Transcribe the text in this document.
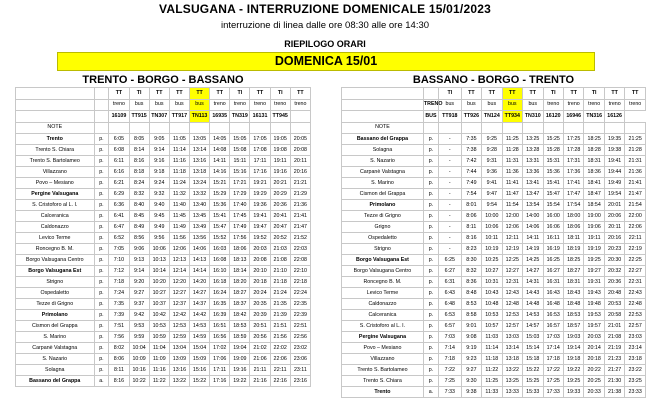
VALSUGANA - INTERRUZIONE DOMENICALE 15/01/2023
interruzione di linea dalle ore 08:30 alle ore 14:30
RIEPILOGO ORARI
DOMENICA 15/01
TRENTO - BORGO - BASSANO
		TT	TI	TT	TT	TT	TT	TI	TT	TI	TT
		treno	bus	bus	bus	bus	treno	treno	treno	treno	treno
		16109	TT915	TN307	TT917	TN113	16935	TN319	16131	TT945	
NOTE											
Trento	p.	6:05	8:05	9:05	11:05	13:05	14:05	15:05	17:05	19:05	20:05
Trento S. Chiara	p.	6:08	8:14	9:14	11:14	13:14	14:08	15:08	17:08	19:08	20:08
Trento S. Bartolameo	p.	6:11	8:16	9:16	11:16	13:16	14:11	15:11	17:11	19:11	20:11
Villazzano	p.	6:16	8:18	9:18	11:18	13:18	14:16	15:16	17:16	19:16	20:16
Povo – Mesiano	p.	6:21	8:24	9:24	11:24	13:24	15:21	17:21	19:21	20:21	21:21
Pergine Valsugana	p.	6:29	8:32	9:32	11:32	13:32	15:29	17:29	19:29	20:29	21:29
S. Cristoforo al L. I.	p.	6:36	8:40	9:40	11:40	13:40	15:36	17:40	19:36	20:36	21:36
Calceranica	p.	6:41	8:45	9:45	11:45	13:45	15:41	17:45	19:41	20:41	21:41
Caldonazzo	p.	6:47	8:49	9:49	11:49	13:49	15:47	17:49	19:47	20:47	21:47
Levico Terme	p.	6:52	8:56	9:56	11:56	13:56	15:52	17:56	19:52	20:52	21:52
Roncegno B. M.	p.	7:05	9:06	10:06	12:06	14:06	16:03	18:06	20:03	21:03	22:03
Borgo Valsugana Centro	p.	7:10	9:13	10:13	12:13	14:13	16:08	18:13	20:08	21:08	22:08
Borgo Valsugana Est	p.	7:12	9:14	10:14	12:14	14:14	16:10	18:14	20:10	21:10	22:10
Strigno	p.	7:18	9:20	10:20	12:20	14:20	16:18	18:20	20:18	21:18	22:18
Ospedaletto	p.	7:24	9:27	10:27	12:27	14:27	16:24	18:27	20:24	21:24	22:24
Tezze di Grigno	p.	7:35	9:37	10:37	12:37	14:37	16:35	18:37	20:35	21:35	22:35
Primolano	p.	7:39	9:42	10:42	12:42	14:42	16:39	18:42	20:39	21:39	22:39
Cismon del Grappa	p.	7:51	9:53	10:53	12:53	14:53	16:51	18:53	20:51	21:51	22:51
S. Marino	p.	7:56	9:59	10:59	12:59	14:59	16:56	18:59	20:56	21:56	22:56
Carpanè Valstagna	p.	8:02	10:04	11:04	13:04	15:04	17:02	19:04	21:02	22:02	23:02
S. Nazario	p.	8:06	10:09	11:09	13:09	15:09	17:06	19:09	21:06	22:06	23:06
Solagna	p.	8:11	10:16	11:16	13:16	15:16	17:11	19:16	21:11	22:11	23:11
Bassano del Grappa	a.	8:16	10:22	11:22	13:22	15:22	17:16	19:22	21:16	22:16	23:16
BASSANO - BORGO - TRENTO
		TI	TT	TT	TT	TT	TI	TT	TI	TT	TT
	TRENO	bus	bus	bus	bus	bus	treno	treno	treno	treno	treno
	BUS	TT918	TT926	TN124	TT934	TN310	16120	16946	TN316	16126	
NOTE											
Bassano del Grappa	p.	-	7:35	9:25	11:25	13:25	15:25	17:25	18:25	19:35	21:25
Solagna	p.	-	7:38	9:28	11:28	13:28	15:28	17:28	18:28	19:38	21:28
S. Nazario	p.	-	7:42	9:31	11:31	13:31	15:31	17:31	18:31	19:41	21:31
Carpanè Valstagna	p.	-	7:44	9:36	11:36	13:36	15:36	17:36	18:36	19:44	21:36
S. Marino	p.	-	7:49	9:41	11:41	13:41	15:41	17:41	18:41	19:49	21:41
Cismon del Grappa	p.	-	7:54	9:47	11:47	13:47	15:47	17:47	18:47	19:54	21:47
Primolano	p.	-	8:01	9:54	11:54	13:54	15:54	17:54	18:54	20:01	21:54
Tezze di Grigno	p.	-	8:06	10:00	12:00	14:00	16:00	18:00	19:00	20:06	22:00
Grigno	p.	-	8:11	10:06	12:06	14:06	16:06	18:06	19:06	20:11	22:06
Ospedaletto	p.	-	8:16	10:11	12:11	14:11	16:11	18:11	19:11	20:16	22:11
Strigno	p.	-	8:23	10:19	12:19	14:19	16:19	18:19	19:19	20:23	22:19
Borgo Valsugana Est	p.	6:25	8:30	10:25	12:25	14:25	16:25	18:25	19:25	20:30	22:25
Borgo Valsugana Centro	p.	6:27	8:32	10:27	12:27	14:27	16:27	18:27	19:27	20:32	22:27
Roncegno B. M.	p.	6:31	8:36	10:31	12:31	14:31	16:31	18:31	19:31	20:36	22:31
Levico Terme	p.	6:43	8:48	10:43	12:43	14:43	16:43	18:43	19:43	20:48	22:43
Caldonazzo	p.	6:48	8:53	10:48	12:48	14:48	16:48	18:48	19:48	20:53	22:48
Calceranica	p.	6:53	8:58	10:53	12:53	14:53	16:53	18:53	19:53	20:58	22:53
S. Cristoforo al L. I.	p.	6:57	9:01	10:57	12:57	14:57	16:57	18:57	19:57	21:01	22:57
Pergine Valsugana	p.	7:03	9:08	11:03	13:03	15:03	17:03	19:03	20:03	21:08	23:03
Povo – Mesiano	p.	7:14	9:19	11:14	13:14	15:14	17:14	19:14	20:14	21:19	23:14
Villazzano	p.	7:18	9:23	11:18	13:18	15:18	17:18	19:18	20:18	21:23	23:18
Trento S. Bartolameo	p.	7:22	9:27	11:22	13:22	15:22	17:22	19:22	20:22	21:27	23:22
Trento S. Chiara	p.	7:25	9:30	11:25	13:25	15:25	17:25	19:25	20:25	21:30	23:25
Trento	a.	7:33	9:38	11:33	13:33	15:33	17:33	19:33	20:33	21:38	23:33
